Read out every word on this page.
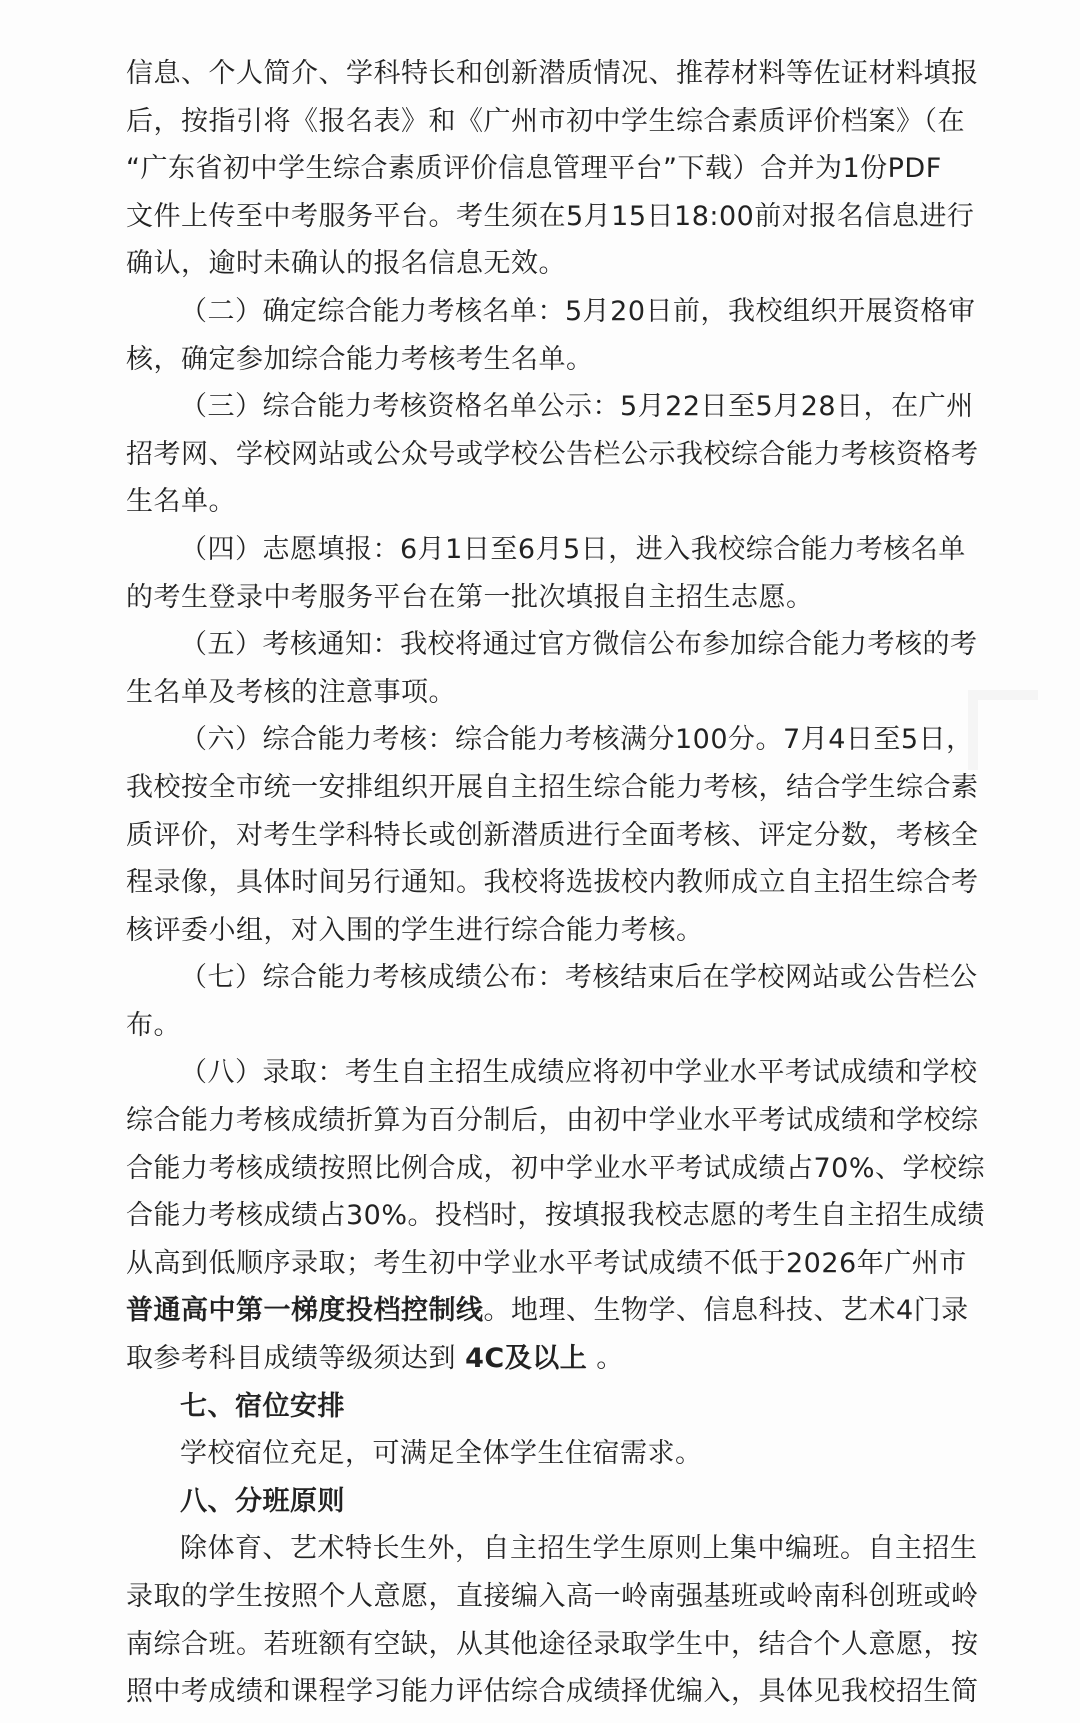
信息、个人简介、学科特长和创新潜质情况、推荐材料等佐证材料填报
后，按指引将《报名表》和《广州市初中学生综合素质评价档案》（在
“广东省初中学生综合素质评价信息管理平台”下载）合并为1份PDF
文件上传至中考服务平台。考生须在5月15日18:00前对报名信息进行
确认，逾时未确认的报名信息无效。
（二）确定综合能力考核名单：5月20日前，我校组织开展资格审
核，确定参加综合能力考核考生名单。
（三）综合能力考核资格名单公示：5月22日至5月28日，在广州
招考网、学校网站或公众号或学校公告栏公示我校综合能力考核资格考
生名单。
（四）志愿填报：6月1日至6月5日，进入我校综合能力考核名单
的考生登录中考服务平台在第一批次填报自主招生志愿。
（五）考核通知：我校将通过官方微信公布参加综合能力考核的考
生名单及考核的注意事项。
（六）综合能力考核：综合能力考核满分100分。7月4日至5日，
我校按全市统一安排组织开展自主招生综合能力考核，结合学生综合素
质评价，对考生学科特长或创新潜质进行全面考核、评定分数，考核全
程录像，具体时间另行通知。我校将选拔校内教师成立自主招生综合考
核评委小组，对入围的学生进行综合能力考核。
（七）综合能力考核成绩公布：考核结束后在学校网站或公告栏公
布。
（八）录取：考生自主招生成绩应将初中学业水平考试成绩和学校
综合能力考核成绩折算为百分制后，由初中学业水平考试成绩和学校综
合能力考核成绩按照比例合成，初中学业水平考试成绩占70%、学校综
合能力考核成绩占30%。投档时，按填报我校志愿的考生自主招生成绩
从高到低顺序录取；考生初中学业水平考试成绩不低于2026年广州市
普通高中第一梯度投档控制线。地理、生物学、信息科技、艺术4门录
取参考科目成绩等级须达到 4C及以上 。
七、宿位安排
学校宿位充足，可满足全体学生住宿需求。
八、分班原则
除体育、艺术特长生外，自主招生学生原则上集中编班。自主招生
录取的学生按照个人意愿，直接编入高一岭南强基班或岭南科创班或岭
南综合班。若班额有空缺，从其他途径录取学生中，结合个人意愿，按
照中考成绩和课程学习能力评估综合成绩择优编入，具体见我校招生简
